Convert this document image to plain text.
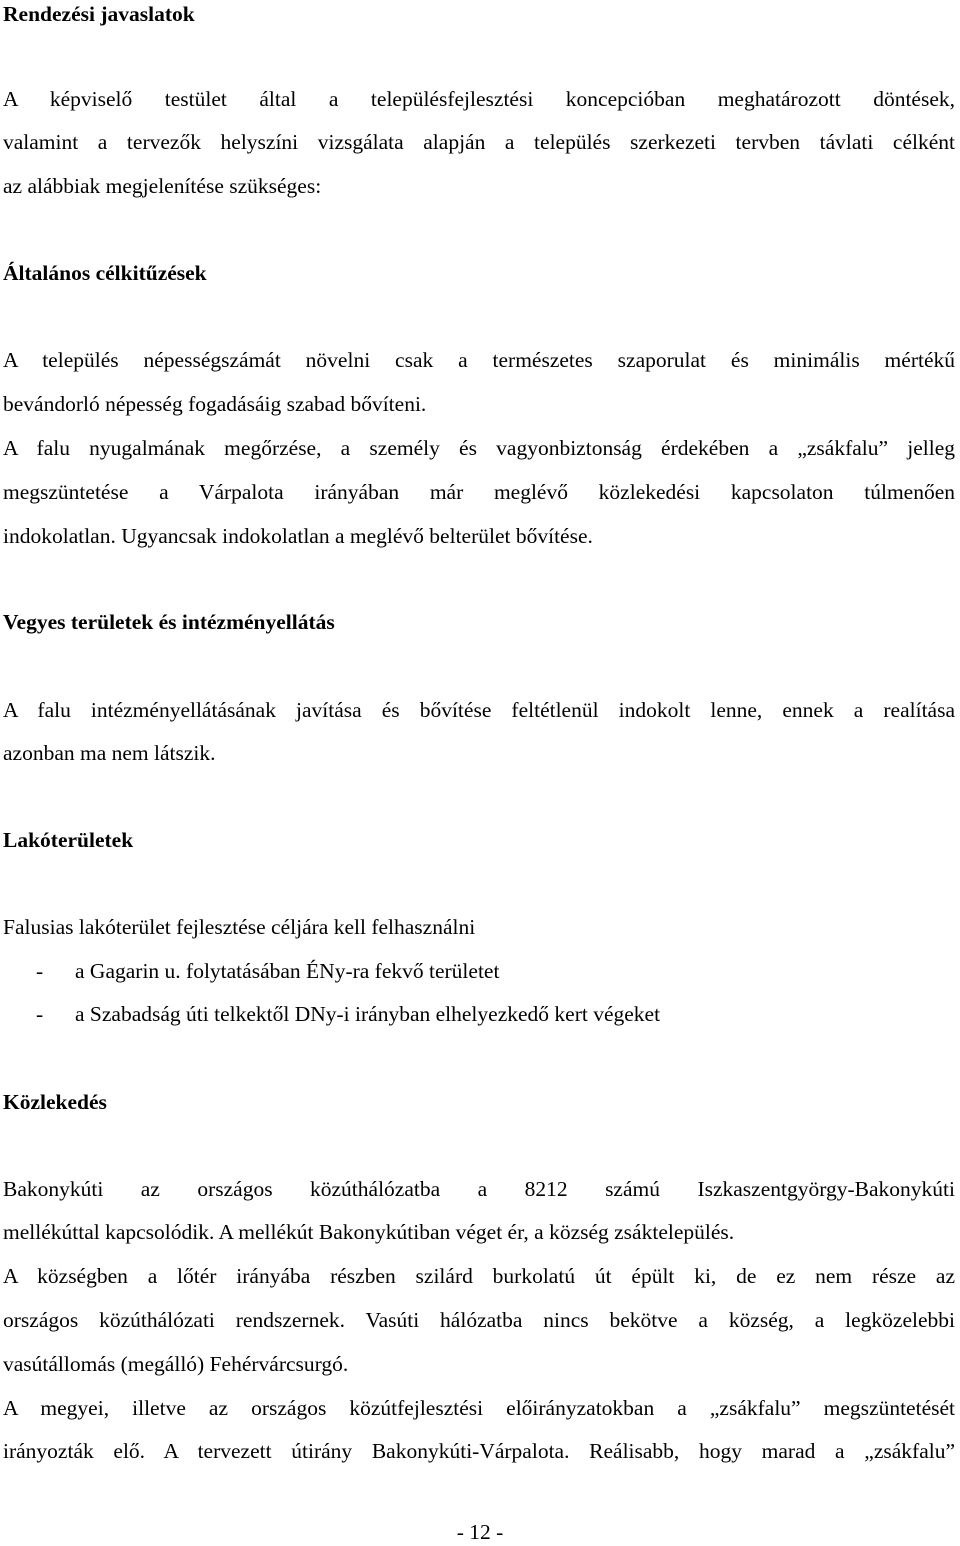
Rendezési javaslatok
A képviselő testület által a településfejlesztési koncepcióban meghatározott döntések,
valamint a tervezők helyszíni vizsgálata alapján a település szerkezeti tervben távlati célként
az alábbiak megjelenítése szükséges:
Általános célkitűzések
A település népességszámát növelni csak a természetes szaporulat és minimális mértékű
bevándorló népesség fogadásáig szabad bővíteni.
A falu nyugalmának megőrzése, a személy és vagyonbiztonság érdekében a „zsákfalu” jelleg
megszüntetése a Várpalota irányában már meglévő közlekedési kapcsolaton túlmenően
indokolatlan. Ugyancsak indokolatlan a meglévő belterület bővítése.
Vegyes területek és intézményellátás
A falu intézményellátásának javítása és bővítése feltétlenül indokolt lenne, ennek a realítása
azonban ma nem látszik.
Lakóterületek
Falusias lakóterület fejlesztése céljára kell felhasználni
- a Gagarin u. folytatásában ÉNy-ra fekvő területet
- a Szabadság úti telkektől DNy-i irányban elhelyezkedő kert végeket
Közlekedés
Bakonykúti az országos közúthálózatba a 8212 számú Iszkaszentgyörgy-Bakonykúti
mellékúttal kapcsolódik. A mellékút Bakonykútiban véget ér, a község zsáktelepülés.
A községben a lőtér irányába részben szilárd burkolatú út épült ki, de ez nem része az
országos közúthálózati rendszernek. Vasúti hálózatba nincs bekötve a község, a legközelebbi
vasútállomás (megálló) Fehérvárcsurgó.
A megyei, illetve az országos közútfejlesztési előirányzatokban a „zsákfalu” megszüntetését
irányozták elő. A tervezett útirány Bakonykúti-Várpalota. Reálisabb, hogy marad a „zsákfalu”
- 12 -
